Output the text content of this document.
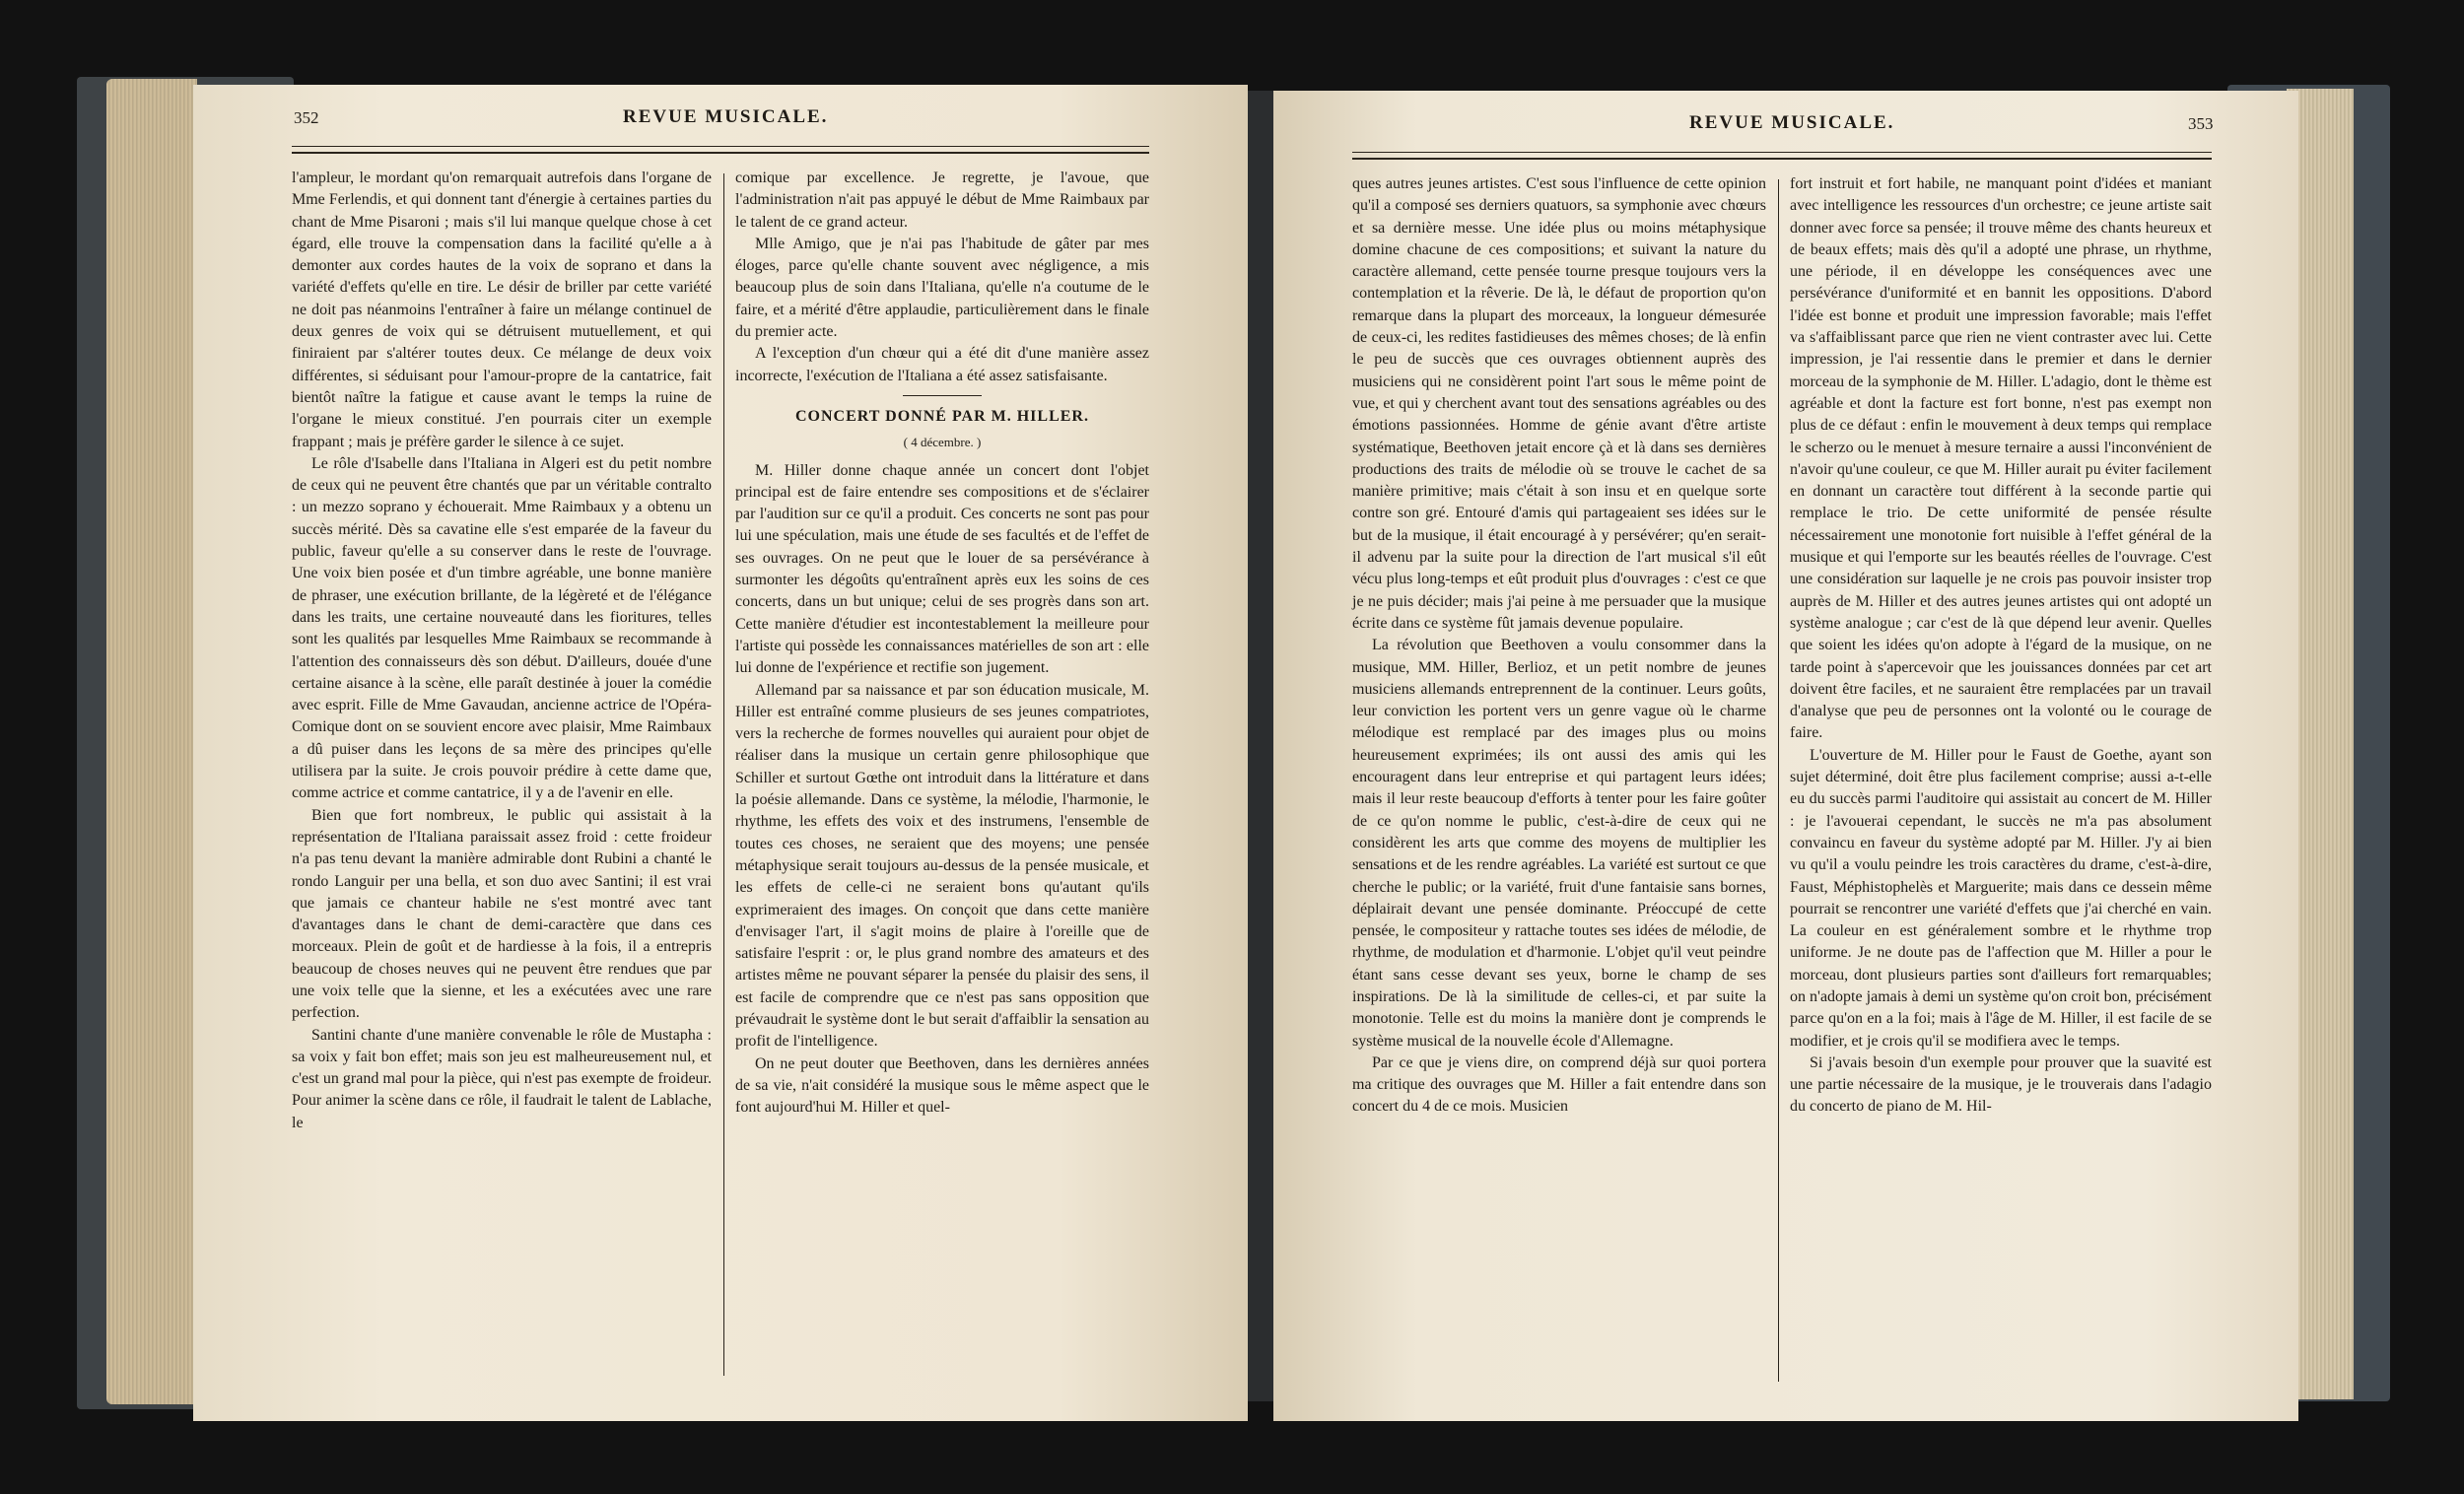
352	REVUE MUSICALE.

l'ampleur, le mordant qu'on remarquait autrefois dans l'organe de Mme Ferlendis, et qui donnent tant d'énergie à certaines parties du chant de Mme Pisaroni ; mais s'il lui manque quelque chose à cet égard, elle trouve la compensation dans la facilité qu'elle a à demonter aux cordes hautes de la voix de soprano et dans la variété d'effets qu'elle en tire. Le désir de briller par cette variété ne doit pas néanmoins l'entraîner à faire un mélange continuel de deux genres de voix qui se détruisent mutuellement, et qui finiraient par s'altérer toutes deux. Ce mélange de deux voix différentes, si séduisant pour l'amour-propre de la cantatrice, fait bientôt naître la fatigue et cause avant le temps la ruine de l'organe le mieux constitué. J'en pourrais citer un exemple frappant ; mais je préfère garder le silence à ce sujet.

Le rôle d'Isabelle dans l'Italiana in Algeri est du petit nombre de ceux qui ne peuvent être chantés que par un véritable contralto : un mezzo soprano y échouerait. Mme Raimbaux y a obtenu un succès mérité. Dès sa cavatine elle s'est emparée de la faveur du public, faveur qu'elle a su conserver dans le reste de l'ouvrage. Une voix bien posée et d'un timbre agréable, une bonne manière de phraser, une exécution brillante, de la légèreté et de l'élégance dans les traits, une certaine nouveauté dans les fioritures, telles sont les qualités par lesquelles Mme Raimbaux se recommande à l'attention des connaisseurs dès son début. D'ailleurs, douée d'une certaine aisance à la scène, elle paraît destinée à jouer la comédie avec esprit. Fille de Mme Gavaudan, ancienne actrice de l'Opéra-Comique dont on se souvient encore avec plaisir, Mme Raimbaux a dû puiser dans les leçons de sa mère des principes qu'elle utilisera par la suite. Je crois pouvoir prédire à cette dame que, comme actrice et comme cantatrice, il y a de l'avenir en elle.

Bien que fort nombreux, le public qui assistait à la représentation de l'Italiana paraissait assez froid : cette froideur n'a pas tenu devant la manière admirable dont Rubini a chanté le rondo Languir per una bella, et son duo avec Santini; il est vrai que jamais ce chanteur habile ne s'est montré avec tant d'avantages dans le chant de demi-caractère que dans ces morceaux. Plein de goût et de hardiesse à la fois, il a entrepris beaucoup de choses neuves qui ne peuvent être rendues que par une voix telle que la sienne, et les a exécutées avec une rare perfection.

Santini chante d'une manière convenable le rôle de Mustapha : sa voix y fait bon effet; mais son jeu est malheureusement nul, et c'est un grand mal pour la pièce, qui n'est pas exempte de froideur. Pour animer la scène dans ce rôle, il faudrait le talent de Lablache, le

comique par excellence. Je regrette, je l'avoue, que l'administration n'ait pas appuyé le début de Mme Raimbaux par le talent de ce grand acteur.

Mlle Amigo, que je n'ai pas l'habitude de gâter par mes éloges, parce qu'elle chante souvent avec négligence, a mis beaucoup plus de soin dans l'Italiana, qu'elle n'a coutume de le faire, et a mérité d'être applaudie, particulièrement dans le finale du premier acte.

A l'exception d'un chœur qui a été dit d'une manière assez incorrecte, l'exécution de l'Italiana a été assez satisfaisante.

CONCERT DONNÉ PAR M. HILLER.

( 4 décembre. )

M. Hiller donne chaque année un concert dont l'objet principal est de faire entendre ses compositions et de s'éclairer par l'audition sur ce qu'il a produit. Ces concerts ne sont pas pour lui une spéculation, mais une étude de ses facultés et de l'effet de ses ouvrages. On ne peut que le louer de sa persévérance à surmonter les dégoûts qu'entraînent après eux les soins de ces concerts, dans un but unique; celui de ses progrès dans son art. Cette manière d'étudier est incontestablement la meilleure pour l'artiste qui possède les connaissances matérielles de son art : elle lui donne de l'expérience et rectifie son jugement.

Allemand par sa naissance et par son éducation musicale, M. Hiller est entraîné comme plusieurs de ses jeunes compatriotes, vers la recherche de formes nouvelles qui auraient pour objet de réaliser dans la musique un certain genre philosophique que Schiller et surtout Gœthe ont introduit dans la littérature et dans la poésie allemande. Dans ce système, la mélodie, l'harmonie, le rhythme, les effets des voix et des instrumens, l'ensemble de toutes ces choses, ne seraient que des moyens; une pensée métaphysique serait toujours au-dessus de la pensée musicale, et les effets de celle-ci ne seraient bons qu'autant qu'ils exprimeraient des images. On conçoit que dans cette manière d'envisager l'art, il s'agit moins de plaire à l'oreille que de satisfaire l'esprit : or, le plus grand nombre des amateurs et des artistes même ne pouvant séparer la pensée du plaisir des sens, il est facile de comprendre que ce n'est pas sans opposition que prévaudrait le système dont le but serait d'affaiblir la sensation au profit de l'intelligence.

On ne peut douter que Beethoven, dans les dernières années de sa vie, n'ait considéré la musique sous le même aspect que le font aujourd'hui M. Hiller et quel-

REVUE MUSICALE.	353

ques autres jeunes artistes. C'est sous l'influence de cette opinion qu'il a composé ses derniers quatuors, sa symphonie avec chœurs et sa dernière messe. Une idée plus ou moins métaphysique domine chacune de ces compositions; et suivant la nature du caractère allemand, cette pensée tourne presque toujours vers la contemplation et la rêverie. De là, le défaut de proportion qu'on remarque dans la plupart des morceaux, la longueur démesurée de ceux-ci, les redites fastidieuses des mêmes choses; de là enfin le peu de succès que ces ouvrages obtiennent auprès des musiciens qui ne considèrent point l'art sous le même point de vue, et qui y cherchent avant tout des sensations agréables ou des émotions passionnées. Homme de génie avant d'être artiste systématique, Beethoven jetait encore çà et là dans ses dernières productions des traits de mélodie où se trouve le cachet de sa manière primitive; mais c'était à son insu et en quelque sorte contre son gré. Entouré d'amis qui partageaient ses idées sur le but de la musique, il était encouragé à y persévérer; qu'en serait-il advenu par la suite pour la direction de l'art musical s'il eût vécu plus long-temps et eût produit plus d'ouvrages : c'est ce que je ne puis décider; mais j'ai peine à me persuader que la musique écrite dans ce système fût jamais devenue populaire.

La révolution que Beethoven a voulu consommer dans la musique, MM. Hiller, Berlioz, et un petit nombre de jeunes musiciens allemands entreprennent de la continuer. Leurs goûts, leur conviction les portent vers un genre vague où le charme mélodique est remplacé par des images plus ou moins heureusement exprimées; ils ont aussi des amis qui les encouragent dans leur entreprise et qui partagent leurs idées; mais il leur reste beaucoup d'efforts à tenter pour les faire goûter de ce qu'on nomme le public, c'est-à-dire de ceux qui ne considèrent les arts que comme des moyens de multiplier les sensations et de les rendre agréables. La variété est surtout ce que cherche le public; or la variété, fruit d'une fantaisie sans bornes, déplairait devant une pensée dominante. Préoccupé de cette pensée, le compositeur y rattache toutes ses idées de mélodie, de rhythme, de modulation et d'harmonie. L'objet qu'il veut peindre étant sans cesse devant ses yeux, borne le champ de ses inspirations. De là la similitude de celles-ci, et par suite la monotonie. Telle est du moins la manière dont je comprends le système musical de la nouvelle école d'Allemagne.

Par ce que je viens dire, on comprend déjà sur quoi portera ma critique des ouvrages que M. Hiller a fait entendre dans son concert du 4 de ce mois. Musicien

fort instruit et fort habile, ne manquant point d'idées et maniant avec intelligence les ressources d'un orchestre; ce jeune artiste sait donner avec force sa pensée; il trouve même des chants heureux et de beaux effets; mais dès qu'il a adopté une phrase, un rhythme, une période, il en développe les conséquences avec une persévérance d'uniformité et en bannit les oppositions. D'abord l'idée est bonne et produit une impression favorable; mais l'effet va s'affaiblissant parce que rien ne vient contraster avec lui. Cette impression, je l'ai ressentie dans le premier et dans le dernier morceau de la symphonie de M. Hiller. L'adagio, dont le thème est agréable et dont la facture est fort bonne, n'est pas exempt non plus de ce défaut : enfin le mouvement à deux temps qui remplace le scherzo ou le menuet à mesure ternaire a aussi l'inconvénient de n'avoir qu'une couleur, ce que M. Hiller aurait pu éviter facilement en donnant un caractère tout différent à la seconde partie qui remplace le trio. De cette uniformité de pensée résulte nécessairement une monotonie fort nuisible à l'effet général de la musique et qui l'emporte sur les beautés réelles de l'ouvrage. C'est une considération sur laquelle je ne crois pas pouvoir insister trop auprès de M. Hiller et des autres jeunes artistes qui ont adopté un système analogue ; car c'est de là que dépend leur avenir. Quelles que soient les idées qu'on adopte à l'égard de la musique, on ne tarde point à s'apercevoir que les jouissances données par cet art doivent être faciles, et ne sauraient être remplacées par un travail d'analyse que peu de personnes ont la volonté ou le courage de faire.

L'ouverture de M. Hiller pour le Faust de Goethe, ayant son sujet déterminé, doit être plus facilement comprise; aussi a-t-elle eu du succès parmi l'auditoire qui assistait au concert de M. Hiller : je l'avouerai cependant, le succès ne m'a pas absolument convaincu en faveur du système adopté par M. Hiller. J'y ai bien vu qu'il a voulu peindre les trois caractères du drame, c'est-à-dire, Faust, Méphistophelès et Marguerite; mais dans ce dessein même pourrait se rencontrer une variété d'effets que j'ai cherché en vain. La couleur en est généralement sombre et le rhythme trop uniforme. Je ne doute pas de l'affection que M. Hiller a pour le morceau, dont plusieurs parties sont d'ailleurs fort remarquables; on n'adopte jamais à demi un système qu'on croit bon, précisément parce qu'on en a la foi; mais à l'âge de M. Hiller, il est facile de se modifier, et je crois qu'il se modifiera avec le temps.

Si j'avais besoin d'un exemple pour prouver que la suavité est une partie nécessaire de la musique, je le trouverais dans l'adagio du concerto de piano de M. Hil-
